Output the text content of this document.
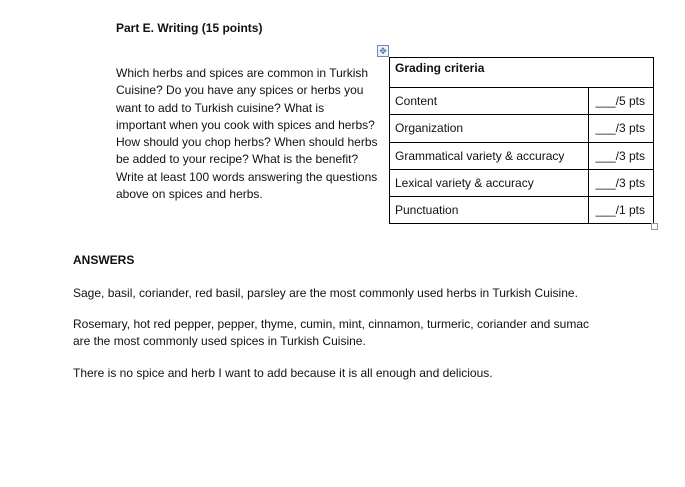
Part E. Writing (15 points)
✥

Which herbs and spices are common in Turkish
Cuisine? Do you have any spices or herbs you
want to add to Turkish cuisine? What is
important when you cook with spices and herbs?
How should you chop herbs? When should herbs
be added to your recipe? What is the benefit?
Write at least 100 words answering the questions
above on spices and herbs.

Grading criteria	
Content	___/5 pts
Organization	___/3 pts
Grammatical variety & accuracy	___/3 pts
Lexical variety & accuracy	___/3 pts
Punctuation	___/1 pts
ANSWERS

Sage, basil, coriander, red basil, parsley are the most commonly used herbs in Turkish Cuisine.

Rosemary, hot red pepper, pepper, thyme, cumin, mint, cinnamon, turmeric, coriander and sumac
are the most commonly used spices in Turkish Cuisine.

There is no spice and herb I want to add because it is all enough and delicious.
